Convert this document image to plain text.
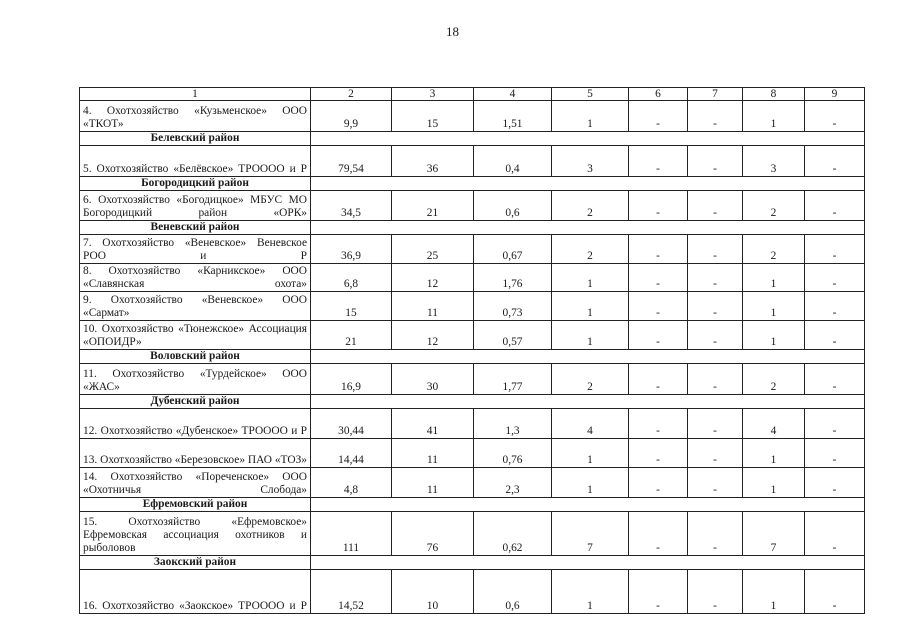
18
1	2	3	4	5	6	7	8	9
4. Охотхозяйство «Кузьменское» ООО «ТКОТ»	9,9	15	1,51	1	-	-	1	-
Белевский район								
5. Охотхозяйство «Белёвское» ТРОООО и Р	79,54	36	0,4	3	-	-	3	-
Богородицкий район								
6. Охотхозяйство «Богодицкое» МБУС МО Богородицкий район «ОРК»	34,5	21	0,6	2	-	-	2	-
Веневский район								
7. Охотхозяйство «Веневское» Веневское РОО и Р	36,9	25	0,67	2	-	-	2	-
8. Охотхозяйство «Карникское» ООО «Славянская охота»	6,8	12	1,76	1	-	-	1	-
9. Охотхозяйство «Веневское» ООО «Сармат»	15	11	0,73	1	-	-	1	-
10. Охотхозяйство «Тюнежское» Ассоциация «ОПОИДР»	21	12	0,57	1	-	-	1	-
Воловский район								
11. Охотхозяйство «Турдейское» ООО «ЖАС»	16,9	30	1,77	2	-	-	2	-
Дубенский район								
12. Охотхозяйство «Дубенское» ТРОООО и Р	30,44	41	1,3	4	-	-	4	-
13. Охотхозяйство «Березовское» ПАО «ТОЗ»	14,44	11	0,76	1	-	-	1	-
14. Охотхозяйство «Пореченское» ООО «Охотничья Слобода»	4,8	11	2,3	1	-	-	1	-
Ефремовский район								
15. Охотхозяйство «Ефремовское» Ефремовская ассоциация охотников и рыболовов	111	76	0,62	7	-	-	7	-
Заокский район								
16. Охотхозяйство «Заокское» ТРОООО и Р	14,52	10	0,6	1	-	-	1	-
